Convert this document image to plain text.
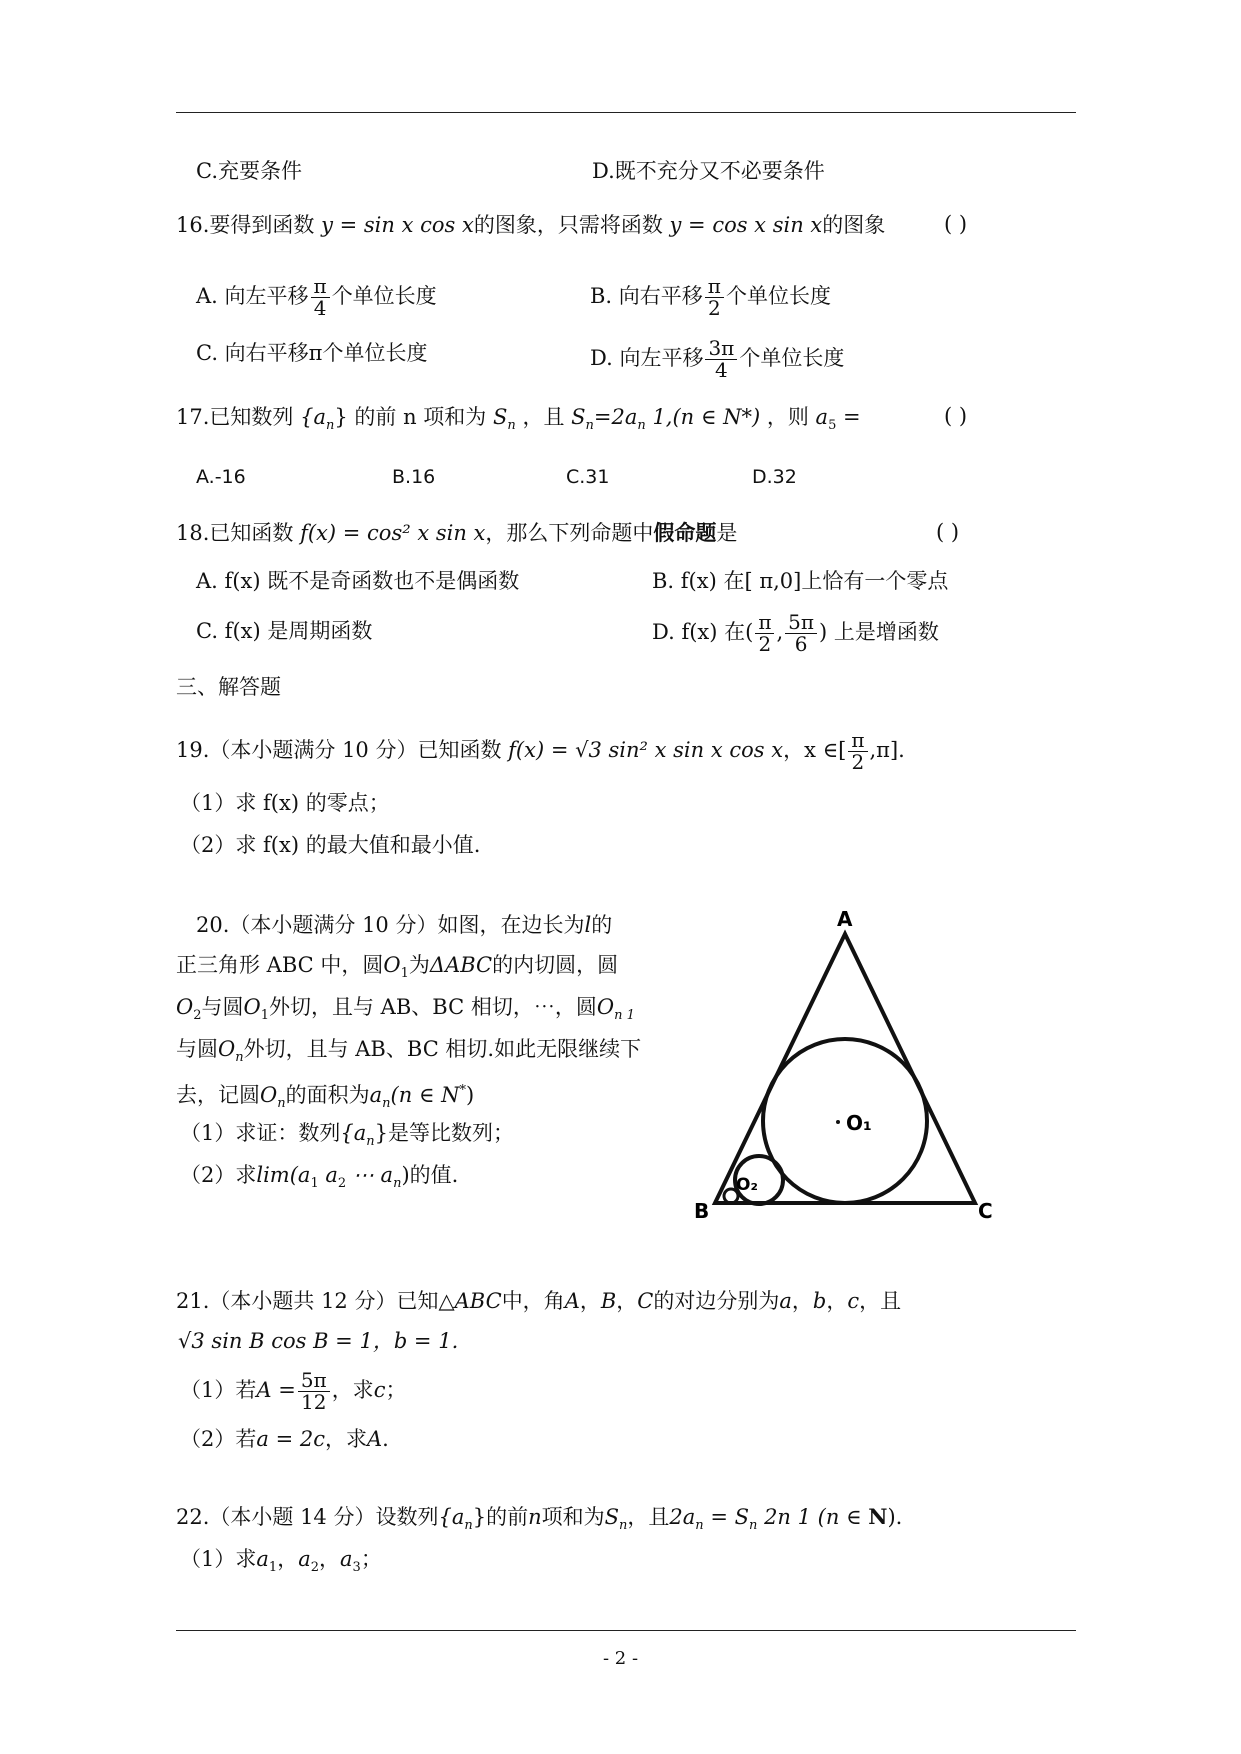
C.充要条件	D.既不充分又不必要条件
16.要得到函数 y = sin x cos x的图象，只需将函数 y = cos x sin x的图象	( )
A. 向左平移 $\frac{\pi}{4}$ 个单位长度	B. 向右平移 $\frac{\pi}{2}$ 个单位长度
C. 向右平移π个单位长度	D. 向左平移 $\frac{3\pi}{4}$ 个单位长度
17.已知数列 $\{a_n\}$ 的前 n 项和为 $S_n$ ，且 $S_n=2a_n$ 1,(n ∈ N*) ，则 $a_5$ =	( )
A.-16	B.16	C.31	D.32
18.已知函数 f(x) = cos² x sin x，那么下列命题中假命题是	( )
A. f(x) 既不是奇函数也不是偶函数	B. f(x) 在[ π,0]上恰有一个零点
C. f(x) 是周期函数	D. f(x) 在( $\frac{\pi}{2}$ , $\frac{5\pi}{6}$ ) 上是增函数
三、解答题
19.（本小题满分 10 分）已知函数 f(x) = √3 sin² x sin x cos x，x ∈[ $\frac{\pi}{2} ,\pi$].
（1）求 f(x) 的零点；
（2）求 f(x) 的最大值和最小值.
20.（本小题满分 10 分）如图，在边长为l的
正三角形 ABC 中，圆$O_1$为ΔABC的内切圆，圆
$O_2$与圆$O_1$外切，且与 AB、BC 相切，⋯，圆$O_{n 1}$
与圆$O_n$外切，且与 AB、BC 相切.如此无限继续下
去，记圆$O_n$的面积为$a_n(n$ ∈ N*)
（1）求证：数列$\{a_n\}$是等比数列；
（2）求$\lim(a_1$ $a_2$ ⋯ $a_n$)的值.
A
B	C
O₁
O₂
21.（本小题共 12 分）已知△ABC中，角A，B，C的对边分别为a，b，c，且
√3 sin B cos B = 1，b = 1.
（1）若$A = \frac{5\pi}{12}$ ，求c；
（2）若a = 2c，求A.
22.（本小题 14 分）设数列$\{a_n\}$的前n项和为$S_n$，且$2a_n = S_n$ 2n 1 (n ∈ N).
（1）求$a_1$，$a_2$，$a_3$；
- 2 -
